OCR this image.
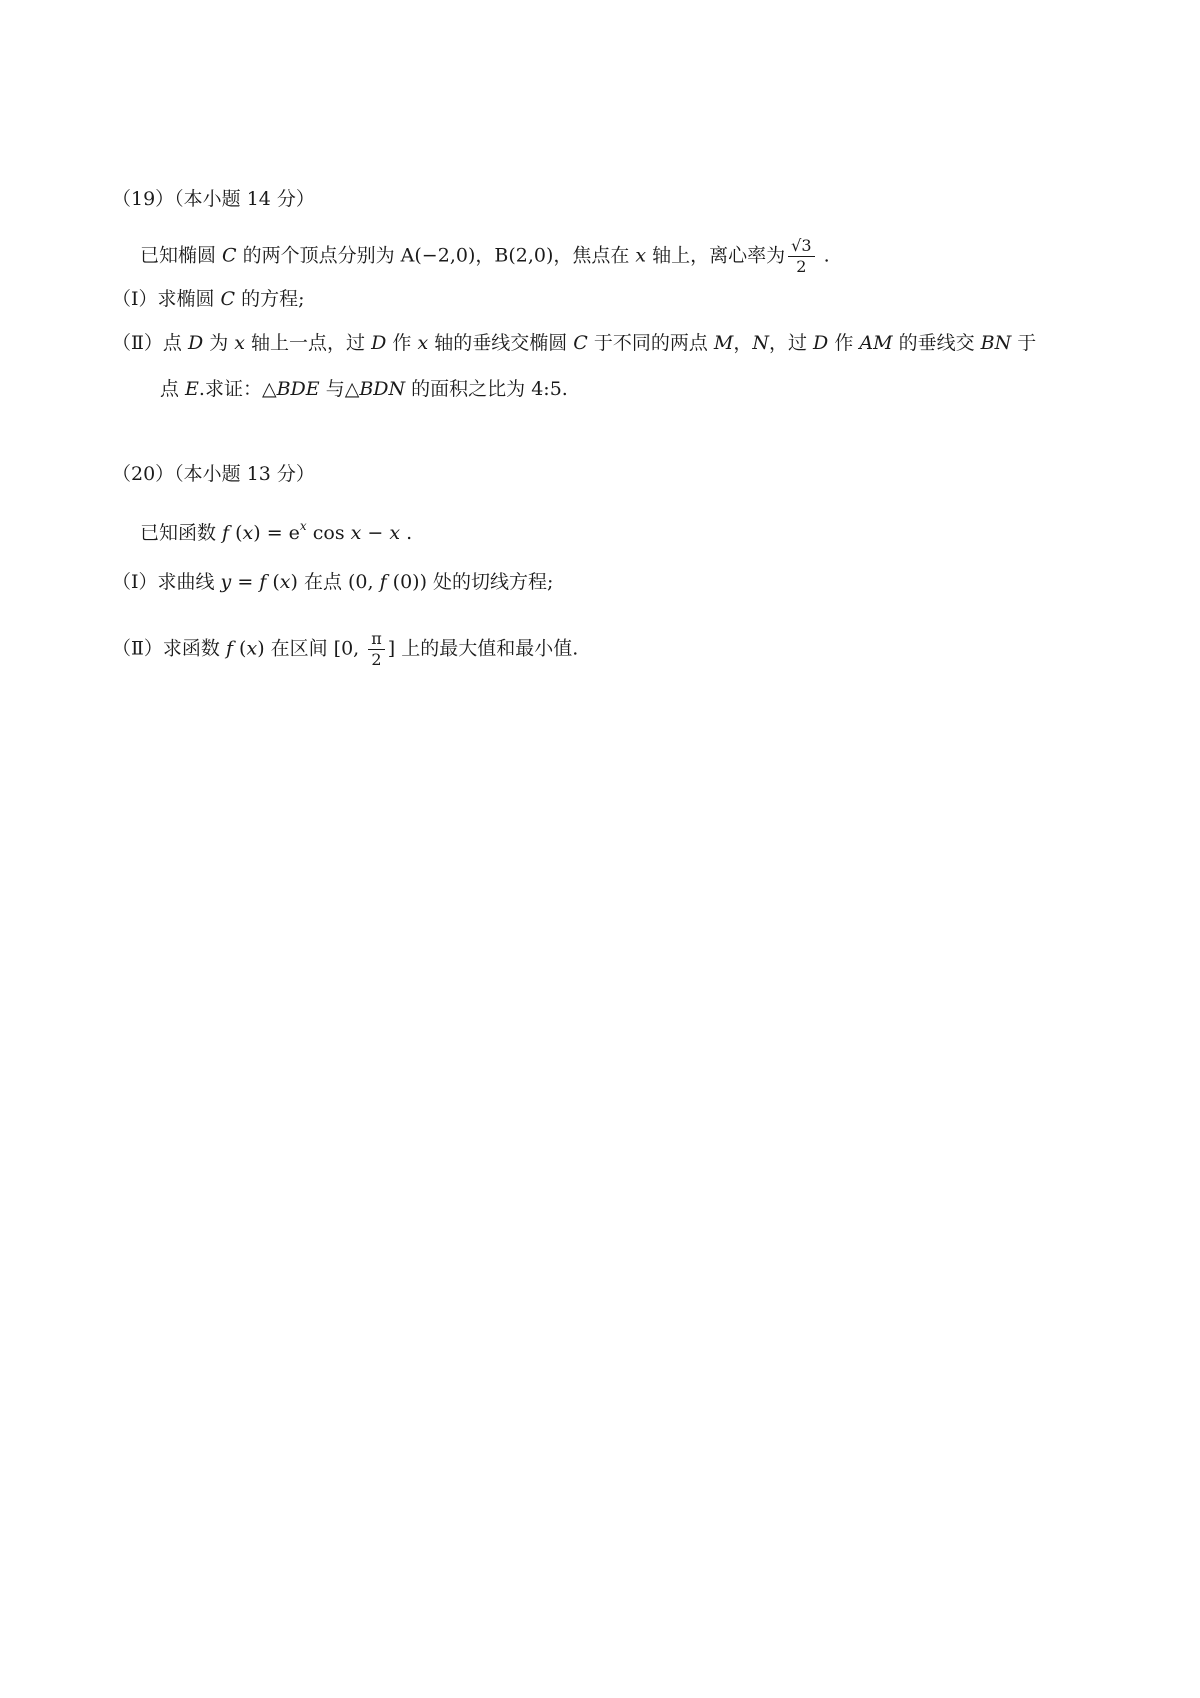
（19）（本小题 14 分）
已知椭圆 C 的两个顶点分别为 A(−2,0)，B(2,0)，焦点在 x 轴上，离心率为 $\frac{√3}{2}$ .
（Ⅰ）求椭圆 C 的方程;
（Ⅱ）点 D 为 x 轴上一点，过 D 作 x 轴的垂线交椭圆 C 于不同的两点 M，N，过 D 作 AM 的垂线交 BN 于
点 E.求证：△BDE 与△BDN 的面积之比为 4:5.
（20）（本小题 13 分）
已知函数 f $(x) = e^x$ cos x − x .
（Ⅰ）求曲线 y = f (x) 在点 (0, f (0)) 处的切线方程;
（Ⅱ）求函数 f (x) 在区间 [0, $\frac{\pi}{2}$ ] 上的最大值和最小值.
